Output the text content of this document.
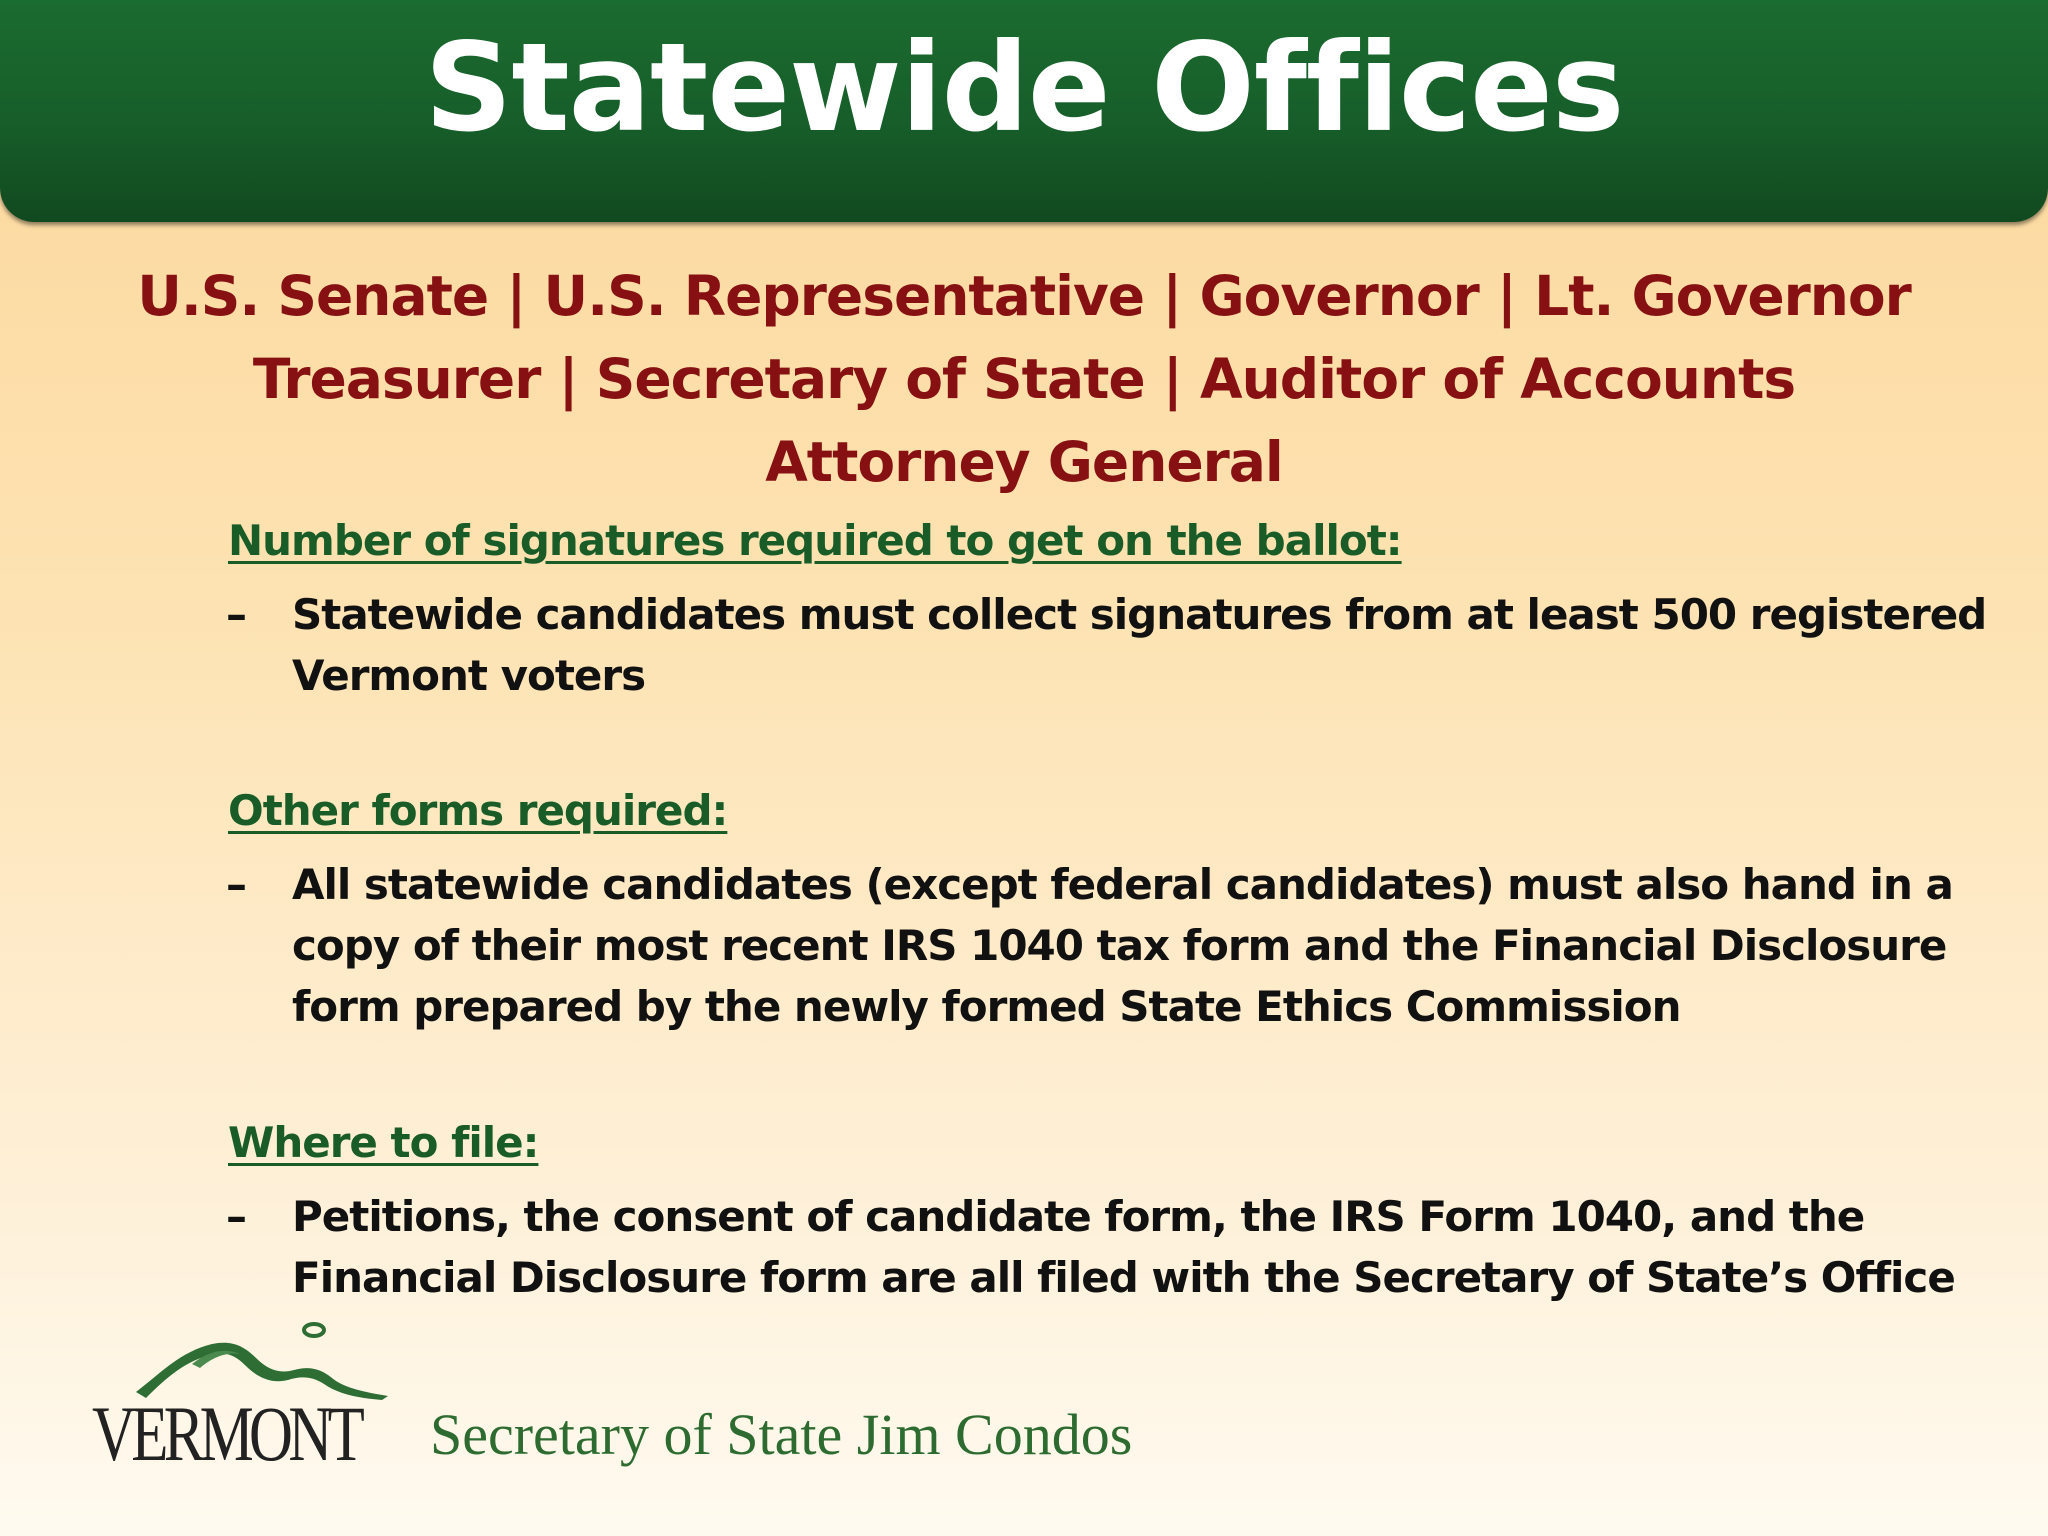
Statewide Offices
U.S. Senate | U.S. Representative | Governor | Lt. Governor
Treasurer | Secretary of State | Auditor of Accounts
Attorney General
Number of signatures required to get on the ballot:
– Statewide candidates must collect signatures from at least 500 registered
Vermont voters
Other forms required:
– All statewide candidates (except federal candidates) must also hand in a
copy of their most recent IRS 1040 tax form and the Financial Disclosure
form prepared by the newly formed State Ethics Commission
Where to file:
– Petitions, the consent of candidate form, the IRS Form 1040, and the
Financial Disclosure form are all filed with the Secretary of State’s Office
VERMONT Secretary of State Jim Condos
